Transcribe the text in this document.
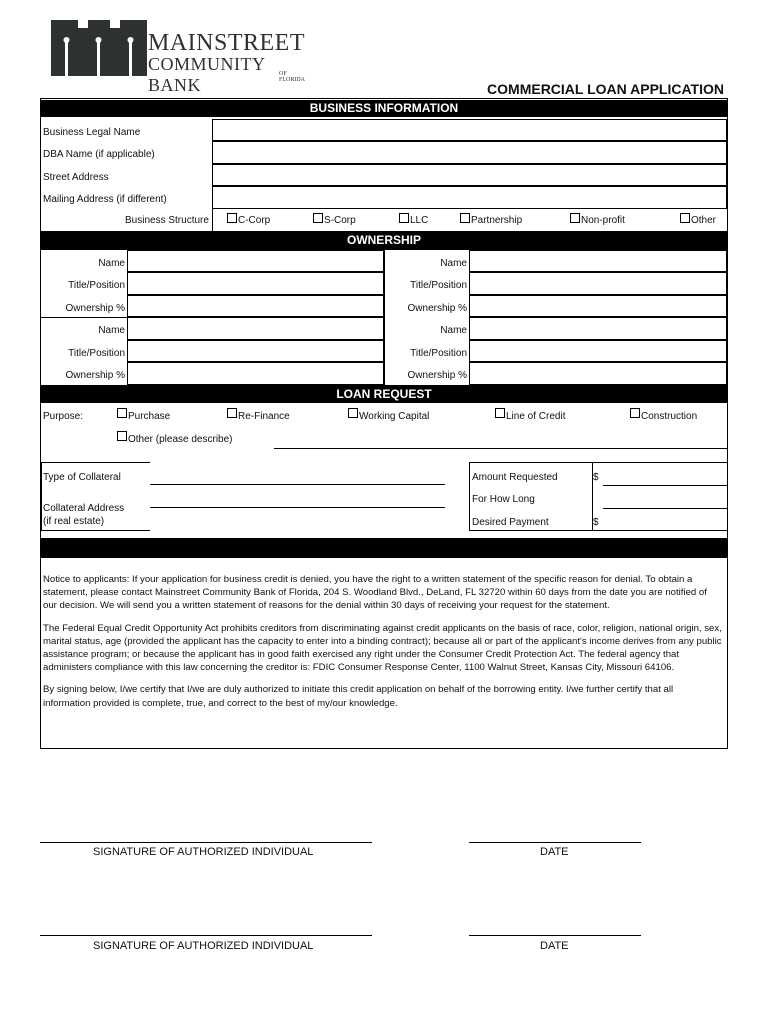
MAINSTREET
COMMUNITY BANK
OF FLORIDA
COMMERCIAL LOAN APPLICATION
BUSINESS INFORMATION
Business Legal Name
DBA Name (if applicable)
Street Address
Mailing Address (if different)
Business Structure	C-Corp	S-Corp	LLC	Partnership	Non-profit	Other
OWNERSHIP
Name
Title/Position
Ownership %
Name
Title/Position
Ownership %
Name
Title/Position
Ownership %
Name
Title/Position
Ownership %
LOAN REQUEST
Purpose:	Purchase	Re-Finance	Working Capital	Line of Credit	Construction
Other (please describe)
Type of Collateral
Collateral Address
(if real estate)
Amount Requested	$
For How Long
Desired Payment	$

Notice to applicants: If your application for business credit is denied, you have the right to a written statement of the specific reason for denial. To obtain a statement, please contact Mainstreet Community Bank of Florida, 204 S. Woodland Blvd., DeLand, FL 32720 within 60 days from the date you are notified of our decision. We will send you a written statement of reasons for the denial within 30 days of receiving your request for the statement.

The Federal Equal Credit Opportunity Act prohibits creditors from discriminating against credit applicants on the basis of race, color, religion, national origin, sex, marital status, age (provided the applicant has the capacity to enter into a binding contract); because all or part of the applicant's income derives from any public assistance program; or because the applicant has in good faith exercised any right under the Consumer Credit Protection Act. The federal agency that administers compliance with this law concerning the creditor is: FDIC Consumer Response Center, 1100 Walnut Street, Kansas City, Missouri 64106.

By signing below, I/we certify that I/we are duly authorized to initiate this credit application on behalf of the borrowing entity. I/we further certify that all information provided is complete, true, and correct to the best of my/our knowledge.

SIGNATURE OF AUTHORIZED INDIVIDUAL	DATE
SIGNATURE OF AUTHORIZED INDIVIDUAL	DATE
